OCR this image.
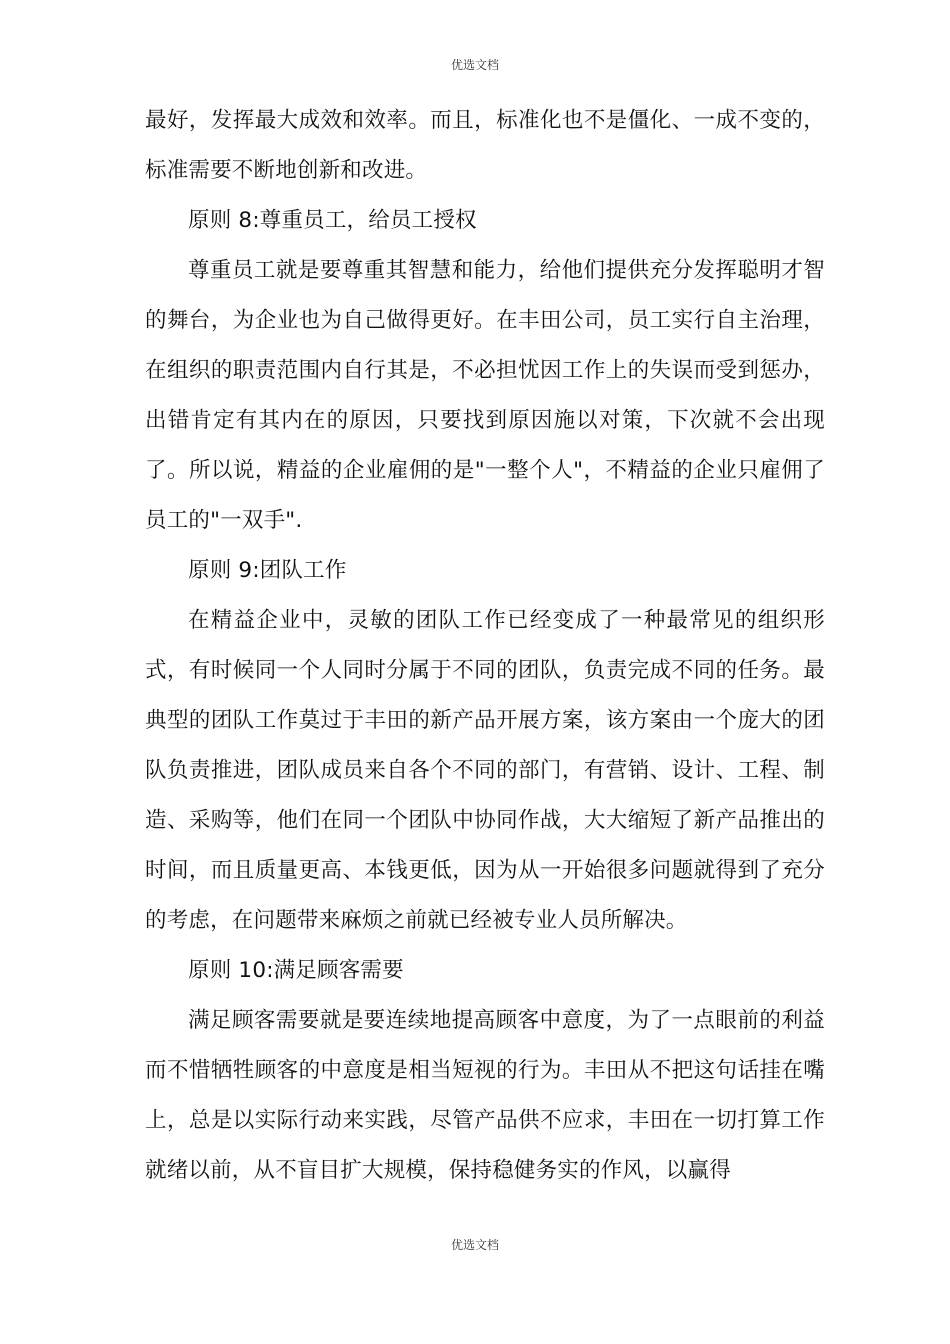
优选文档

最好，发挥最大成效和效率。而且，标准化也不是僵化、一成不变的，标准需要不断地创新和改进。

原则 8:尊重员工，给员工授权

尊重员工就是要尊重其智慧和能力，给他们提供充分发挥聪明才智的舞台，为企业也为自己做得更好。在丰田公司，员工实行自主治理，在组织的职责范围内自行其是，不必担忧因工作上的失误而受到惩办，出错肯定有其内在的原因，只要找到原因施以对策，下次就不会出现了。所以说，精益的企业雇佣的是"一整个人"，不精益的企业只雇佣了员工的"一双手".

原则 9:团队工作

在精益企业中，灵敏的团队工作已经变成了一种最常见的组织形式，有时候同一个人同时分属于不同的团队，负责完成不同的任务。最典型的团队工作莫过于丰田的新产品开展方案，该方案由一个庞大的团队负责推进，团队成员来自各个不同的部门，有营销、设计、工程、制造、采购等，他们在同一个团队中协同作战，大大缩短了新产品推出的时间，而且质量更高、本钱更低，因为从一开始很多问题就得到了充分的考虑，在问题带来麻烦之前就已经被专业人员所解决。

原则 10:满足顾客需要

满足顾客需要就是要连续地提高顾客中意度，为了一点眼前的利益而不惜牺牲顾客的中意度是相当短视的行为。丰田从不把这句话挂在嘴上，总是以实际行动来实践，尽管产品供不应求，丰田在一切打算工作就绪以前，从不盲目扩大规模，保持稳健务实的作风，以赢得

优选文档
